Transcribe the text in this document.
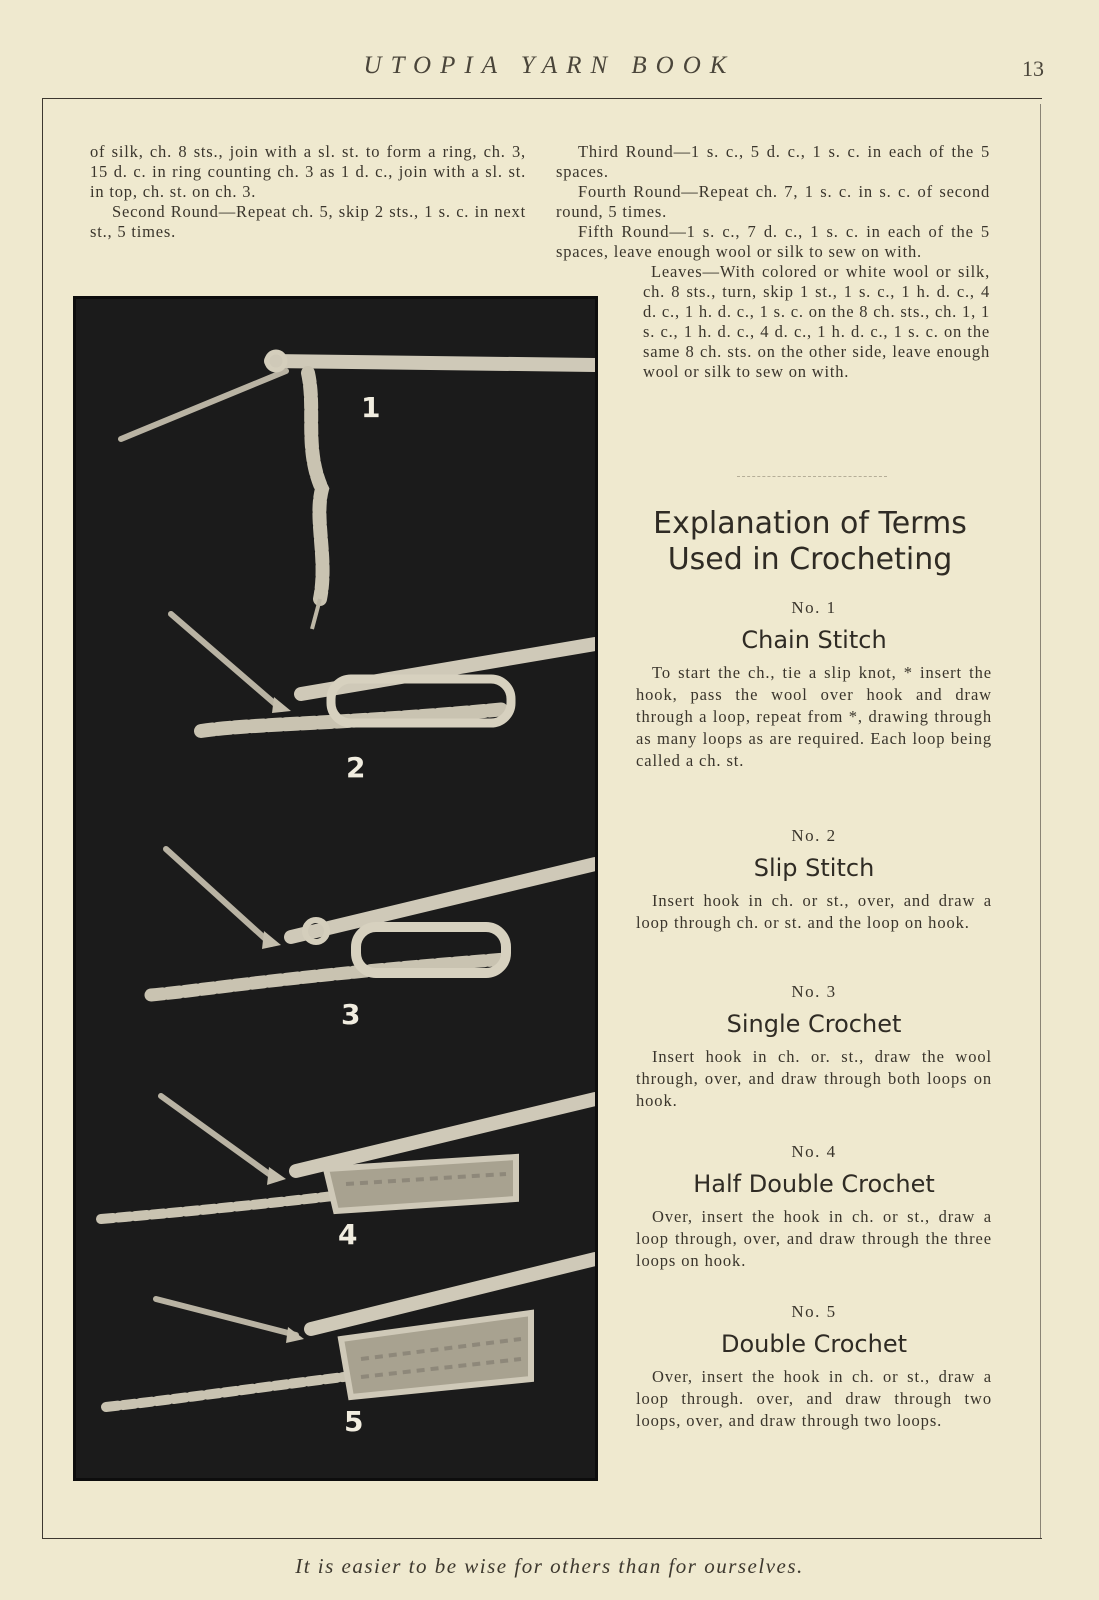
UTOPIA YARN BOOK	13

of silk, ch. 8 sts., join with a sl. st. to form a ring, ch. 3, 15 d. c. in ring counting ch. 3 as 1 d. c., join with a sl. st. in top, ch. st. on ch. 3.

Second Round—Repeat ch. 5, skip 2 sts., 1 s. c. in next st., 5 times.

Third Round—1 s. c., 5 d. c., 1 s. c. in each of the 5 spaces.

Fourth Round—Repeat ch. 7, 1 s. c. in s. c. of second round, 5 times.

Fifth Round—1 s. c., 7 d. c., 1 s. c. in each of the 5 spaces, leave enough wool or silk to sew on with.

Leaves—With colored or white wool or silk, ch. 8 sts., turn, skip 1 st., 1 s. c., 1 h. d. c., 4 d. c., 1 h. d. c., 1 s. c. on the 8 ch. sts., ch. 1, 1 s. c., 1 h. d. c., 4 d. c., 1 h. d. c., 1 s. c. on the same 8 ch. sts. on the other side, leave enough wool or silk to sew on with.

1
2
3
4
5
Explanation of Terms
Used in Crocheting
No. 1
Chain Stitch
To start the ch., tie a slip knot, * insert the hook, pass the wool over hook and draw through a loop, repeat from *, drawing through as many loops as are required. Each loop being called a ch. st.
No. 2
Slip Stitch
Insert hook in ch. or st., over, and draw a loop through ch. or st. and the loop on hook.
No. 3
Single Crochet
Insert hook in ch. or. st., draw the wool through, over, and draw through both loops on hook.
No. 4
Half Double Crochet
Over, insert the hook in ch. or st., draw a loop through, over, and draw through the three loops on hook.
No. 5
Double Crochet
Over, insert the hook in ch. or st., draw a loop through. over, and draw through two loops, over, and draw through two loops.
It is easier to be wise for others than for ourselves.
